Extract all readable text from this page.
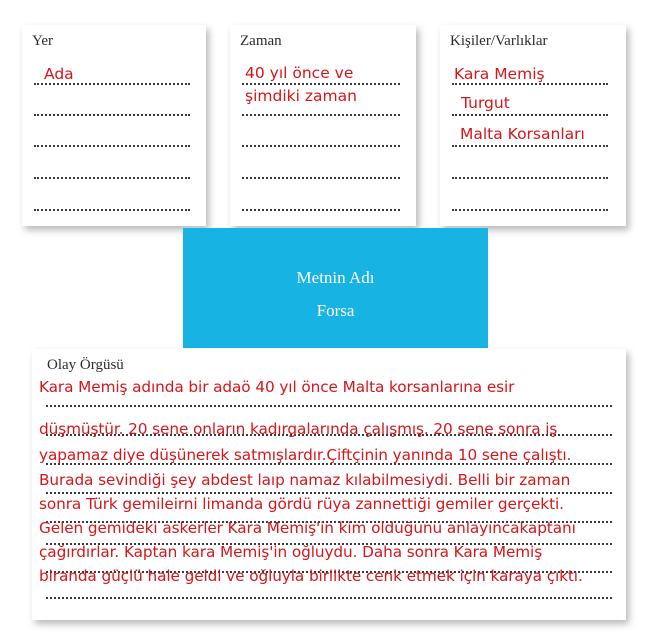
Yer
Ada
Zaman
40 yıl önce ve
şimdiki zaman
Kişiler/Varlıklar
Kara Memiş
Turgut
Malta Korsanları
Metnin Adı
Forsa
Olay Örgüsü
Kara Memiş adında bir adaö 40 yıl önce Malta korsanlarına esir
düşmüştür. 20 sene onların kadırgalarında çalışmış. 20 sene sonra iş
yapamaz diye düşünerek satmışlardır.Çiftçinin yanında 10 sene çalıştı.
Burada sevindiği şey abdest laıp namaz kılabilmesiydi. Belli bir zaman
sonra Türk gemileirni limanda gördü rüya zannettiği gemiler gerçekti.
Gelen gemideki askerler Kara Memiş'in kim olduğunu anlayıncakaptanı
çağırdırlar. Kaptan kara Memiş'in oğluydu. Daha sonra Kara Memiş
biranda güçlü hale geldi ve oğluyla birlikte cenk etmek için karaya çıktı.
